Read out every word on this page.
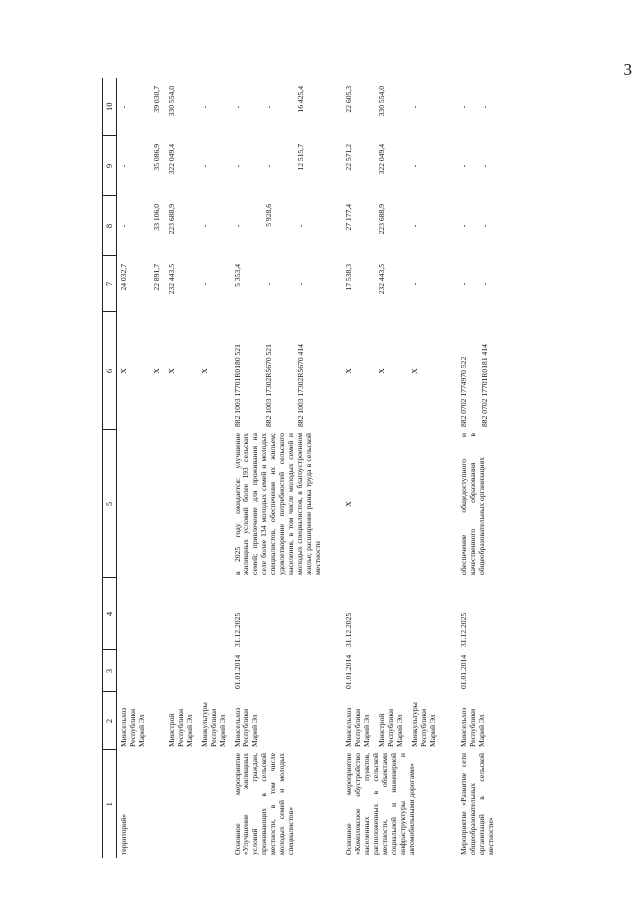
3
1	2	3	4	5	6	7	8	9	10
территорий»	Минсельхоз Республики Марий Эл				X	24 032,7	-	-	-
					X	22 891,7	33 106,0	35 086,9	39 030,7
	Минстрой Республики Марий Эл				X	232 443,5	223 688,9	322 049,4	330 554,0
	Минкультуры Республики Марий Эл				X	-	-	-	-
Основное мероприятие «Улучшение жилищных условий граждан, проживающих в сельской местности, в том числе молодых семей и молодых специалистов»	Минсельхоз Республики Марий Эл	01.01.2014	31.12.2025	в 2025 году ожидается: улучшение жилищных условий более 193 сельских семей; привлечение для проживания на селе более 134 молодых семей и молодых специалистов, обеспечение их жильем; удовлетворение потребностей сельского населения, в том числе молодых семей и молодых специалистов, в благоустроенном жилье; расширение рынка труда в сельской местности	882 1003 17701R0180 521	5 353,4	-	-	-
					882 1003 17302R5670 521	-	5 928,6	-	-
					882 1003 17302R5670 414	-	-	12 515,7	16 425,4

Основное мероприятие «Комплексное обустройство населенных пунктов, расположенных в сельской местности, объектами социальной и инженерной инфраструктуры и автомобильными дорогами»	Минсельхоз Республики Марий Эл	01.01.2014	31.12.2025	X	X	17 538,3	27 177,4	22 571,2	22 605,3
	Минстрой Республики Марий Эл				X	232 443,5	223 688,9	322 049,4	330 554,0
	Минкультуры Республики Марий Эл				X	-	-	-	-

Мероприятие «Развитие сети общеобразовательных организаций в сельской местности»	Минсельхоз Республики Марий Эл	01.01.2014	31.12.2025	обеспечение общедоступного и качественного образования в общеобразовательных организациях	882 0702 1774970 522	-	-	-	-
					882 0702 17701R0181 414	-	-	-	-
